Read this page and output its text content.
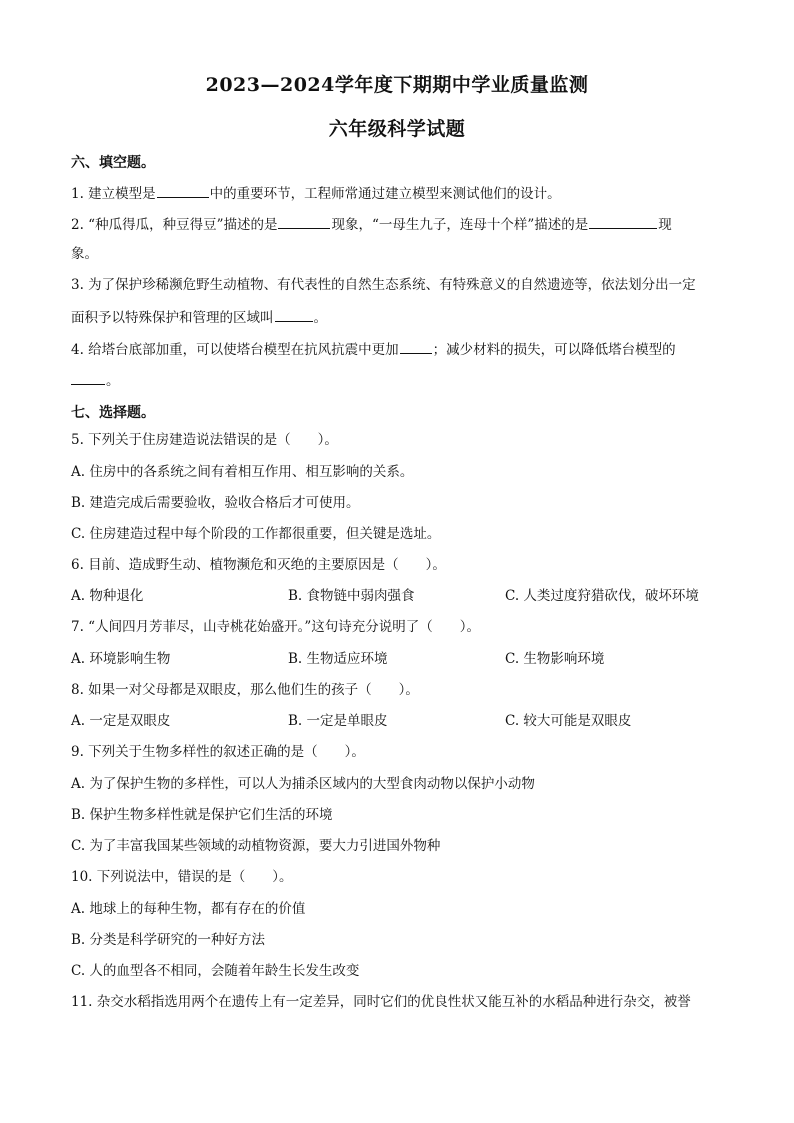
2023—2024学年度下期期中学业质量监测
六年级科学试题
六、填空题。
1. 建立模型是	中的重要环节，工程师常通过建立模型来测试他们的设计。
2. “种瓜得瓜，种豆得豆”描述的是	现象，“一母生九子，连母十个样”描述的是	现
象。
3. 为了保护珍稀濒危野生动植物、有代表性的自然生态系统、有特殊意义的自然遗迹等，依法划分出一定
面积予以特殊保护和管理的区域叫	。
4. 给塔台底部加重，可以使塔台模型在抗风抗震中更加	；减少材料的损失，可以降低塔台模型的
。
七、选择题。
5. 下列关于住房建造说法错误的是（　　）。
A. 住房中的各系统之间有着相互作用、相互影响的关系。
B. 建造完成后需要验收，验收合格后才可使用。
C. 住房建造过程中每个阶段的工作都很重要，但关键是选址。
6. 目前、造成野生动、植物濒危和灭绝的主要原因是（　　）。
A. 物种退化	B. 食物链中弱肉强食	C. 人类过度狩猎砍伐，破坏环境
7. “人间四月芳菲尽，山寺桃花始盛开。”这句诗充分说明了（　　）。
A. 环境影响生物	B. 生物适应环境	C. 生物影响环境
8. 如果一对父母都是双眼皮，那么他们生的孩子（　　）。
A. 一定是双眼皮	B. 一定是单眼皮	C. 较大可能是双眼皮
9. 下列关于生物多样性的叙述正确的是（　　）。
A. 为了保护生物的多样性，可以人为捕杀区域内的大型食肉动物以保护小动物
B. 保护生物多样性就是保护它们生活的环境
C. 为了丰富我国某些领域的动植物资源，要大力引进国外物种
10. 下列说法中，错误的是（　　）。
A. 地球上的每种生物，都有存在的价值
B. 分类是科学研究的一种好方法
C. 人的血型各不相同，会随着年龄生长发生改变
11. 杂交水稻指选用两个在遗传上有一定差异，同时它们的优良性状又能互补的水稻品种进行杂交，被誉
